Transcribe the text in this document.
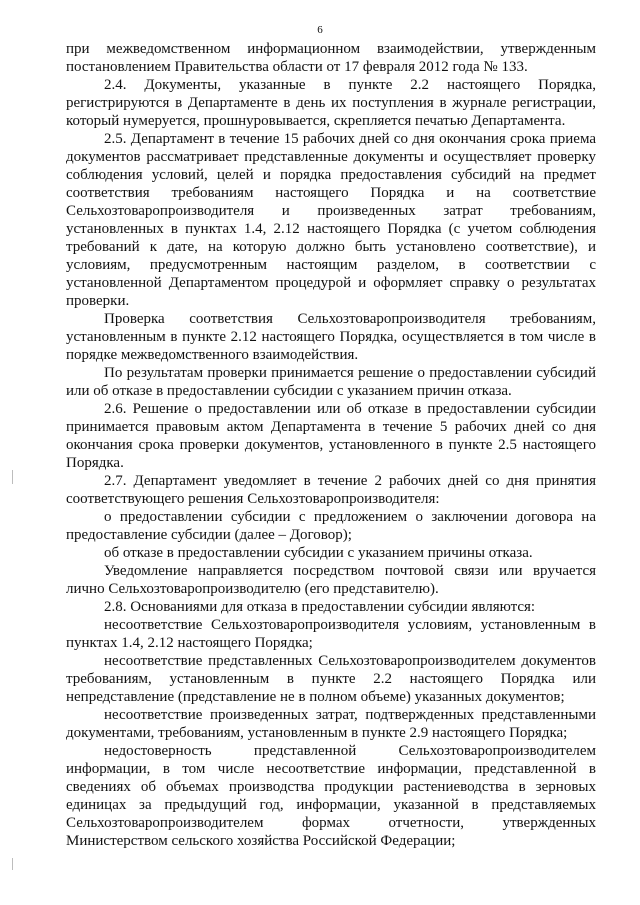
6

при межведомственном информационном взаимодействии, утвержденным постановлением Правительства области от 17 февраля 2012 года № 133.

2.4. Документы, указанные в пункте 2.2 настоящего Порядка, регистрируются в Департаменте в день их поступления в журнале регистрации, который нумеруется, прошнуровывается, скрепляется печатью Департамента.

2.5. Департамент в течение 15 рабочих дней со дня окончания срока приема документов рассматривает представленные документы и осуществляет проверку соблюдения условий, целей и порядка предоставления субсидий на предмет соответствия требованиям настоящего Порядка и на соответствие Сельхозтоваропроизводителя и произведенных затрат требованиям, установленных в пунктах 1.4, 2.12 настоящего Порядка (с учетом соблюдения требований к дате, на которую должно быть установлено соответствие), и условиям, предусмотренным настоящим разделом, в соответствии с установленной Департаментом процедурой и оформляет справку о результатах проверки.

Проверка соответствия Сельхозтоваропроизводителя требованиям, установленным в пункте 2.12 настоящего Порядка, осуществляется в том числе в порядке межведомственного взаимодействия.

По результатам проверки принимается решение о предоставлении субсидий или об отказе в предоставлении субсидии с указанием причин отказа.

2.6. Решение о предоставлении или об отказе в предоставлении субсидии принимается правовым актом Департамента в течение 5 рабочих дней со дня окончания срока проверки документов, установленного в пункте 2.5 настоящего Порядка.

2.7. Департамент уведомляет в течение 2 рабочих дней со дня принятия соответствующего решения Сельхозтоваропроизводителя:

о предоставлении субсидии с предложением о заключении договора на предоставление субсидии (далее – Договор);

об отказе в предоставлении субсидии с указанием причины отказа.

Уведомление направляется посредством почтовой связи или вручается лично Сельхозтоваропроизводителю (его представителю).

2.8. Основаниями для отказа в предоставлении субсидии являются:

несоответствие Сельхозтоваропроизводителя условиям, установленным в пунктах 1.4, 2.12 настоящего Порядка;

несоответствие представленных Сельхозтоваропроизводителем документов требованиям, установленным в пункте 2.2 настоящего Порядка или непредставление (представление не в полном объеме) указанных документов;

несоответствие произведенных затрат, подтвержденных представленными документами, требованиям, установленным в пункте 2.9 настоящего Порядка;

недостоверность представленной Сельхозтоваропроизводителем информации, в том числе несоответствие информации, представленной в сведениях об объемах производства продукции растениеводства в зерновых единицах за предыдущий год, информации, указанной в представляемых Сельхозтоваропроизводителем формах отчетности, утвержденных Министерством сельского хозяйства Российской Федерации;
